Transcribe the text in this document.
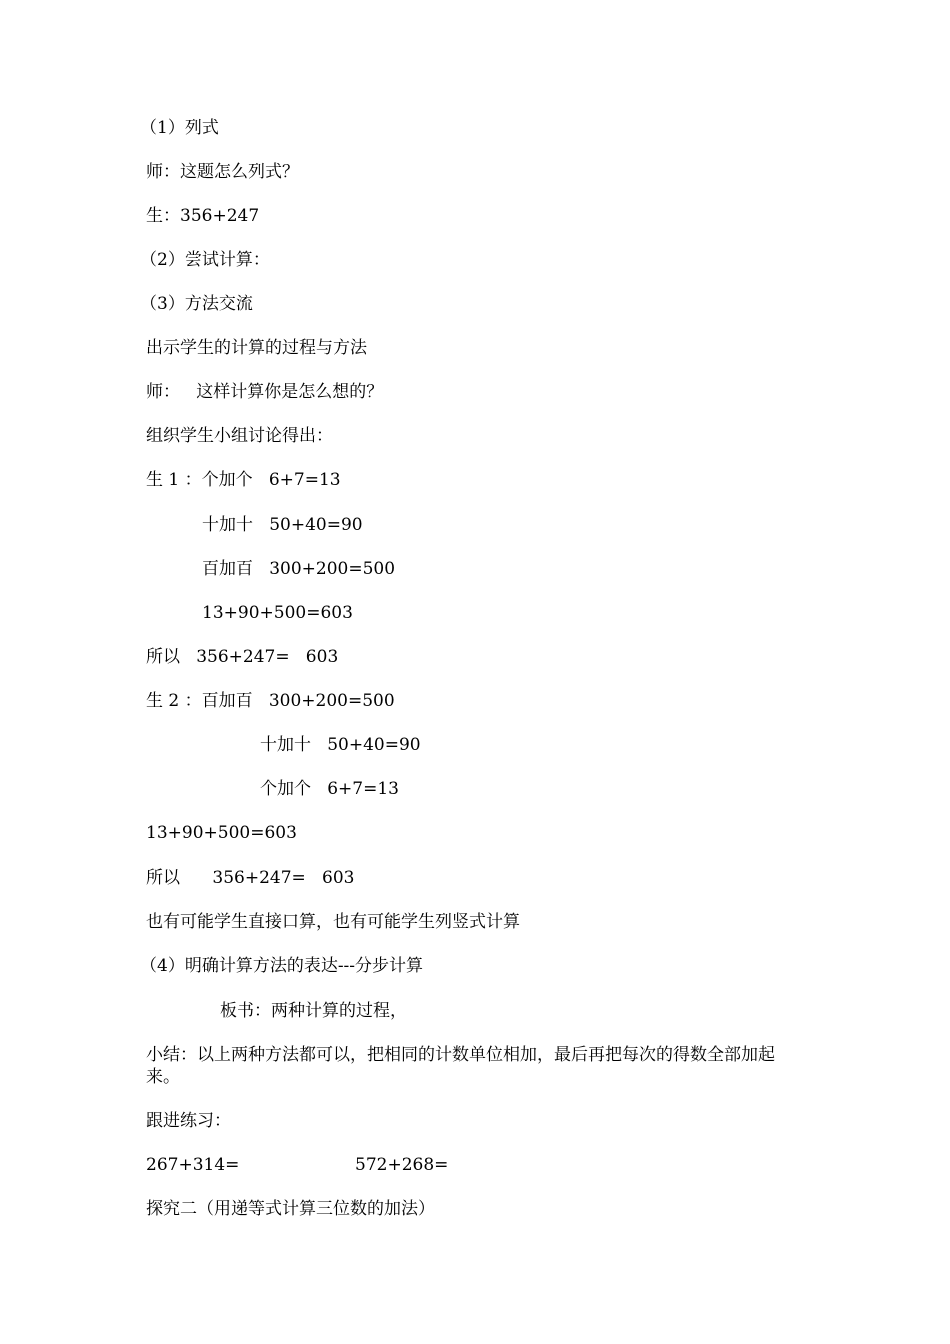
（1）列式
师：这题怎么列式？
生：356+247
（2）尝试计算：
（3）方法交流
出示学生的计算的过程与方法
师：   这样计算你是怎么想的？
组织学生小组讨论得出：
生 1 ：个加个   6+7=13
十加十   50+40=90
百加百   300+200=500
13+90+500=603
所以   356+247=   603
生 2 ：百加百   300+200=500
十加十   50+40=90
个加个   6+7=13
13+90+500=603
所以      356+247=   603
也有可能学生直接口算，也有可能学生列竖式计算
（4）明确计算方法的表达---分步计算
板书：两种计算的过程，
小结：以上两种方法都可以，把相同的计数单位相加，最后再把每次的得数全部加起来。
跟进练习：
267+314=	572+268=
探究二（用递等式计算三位数的加法）
